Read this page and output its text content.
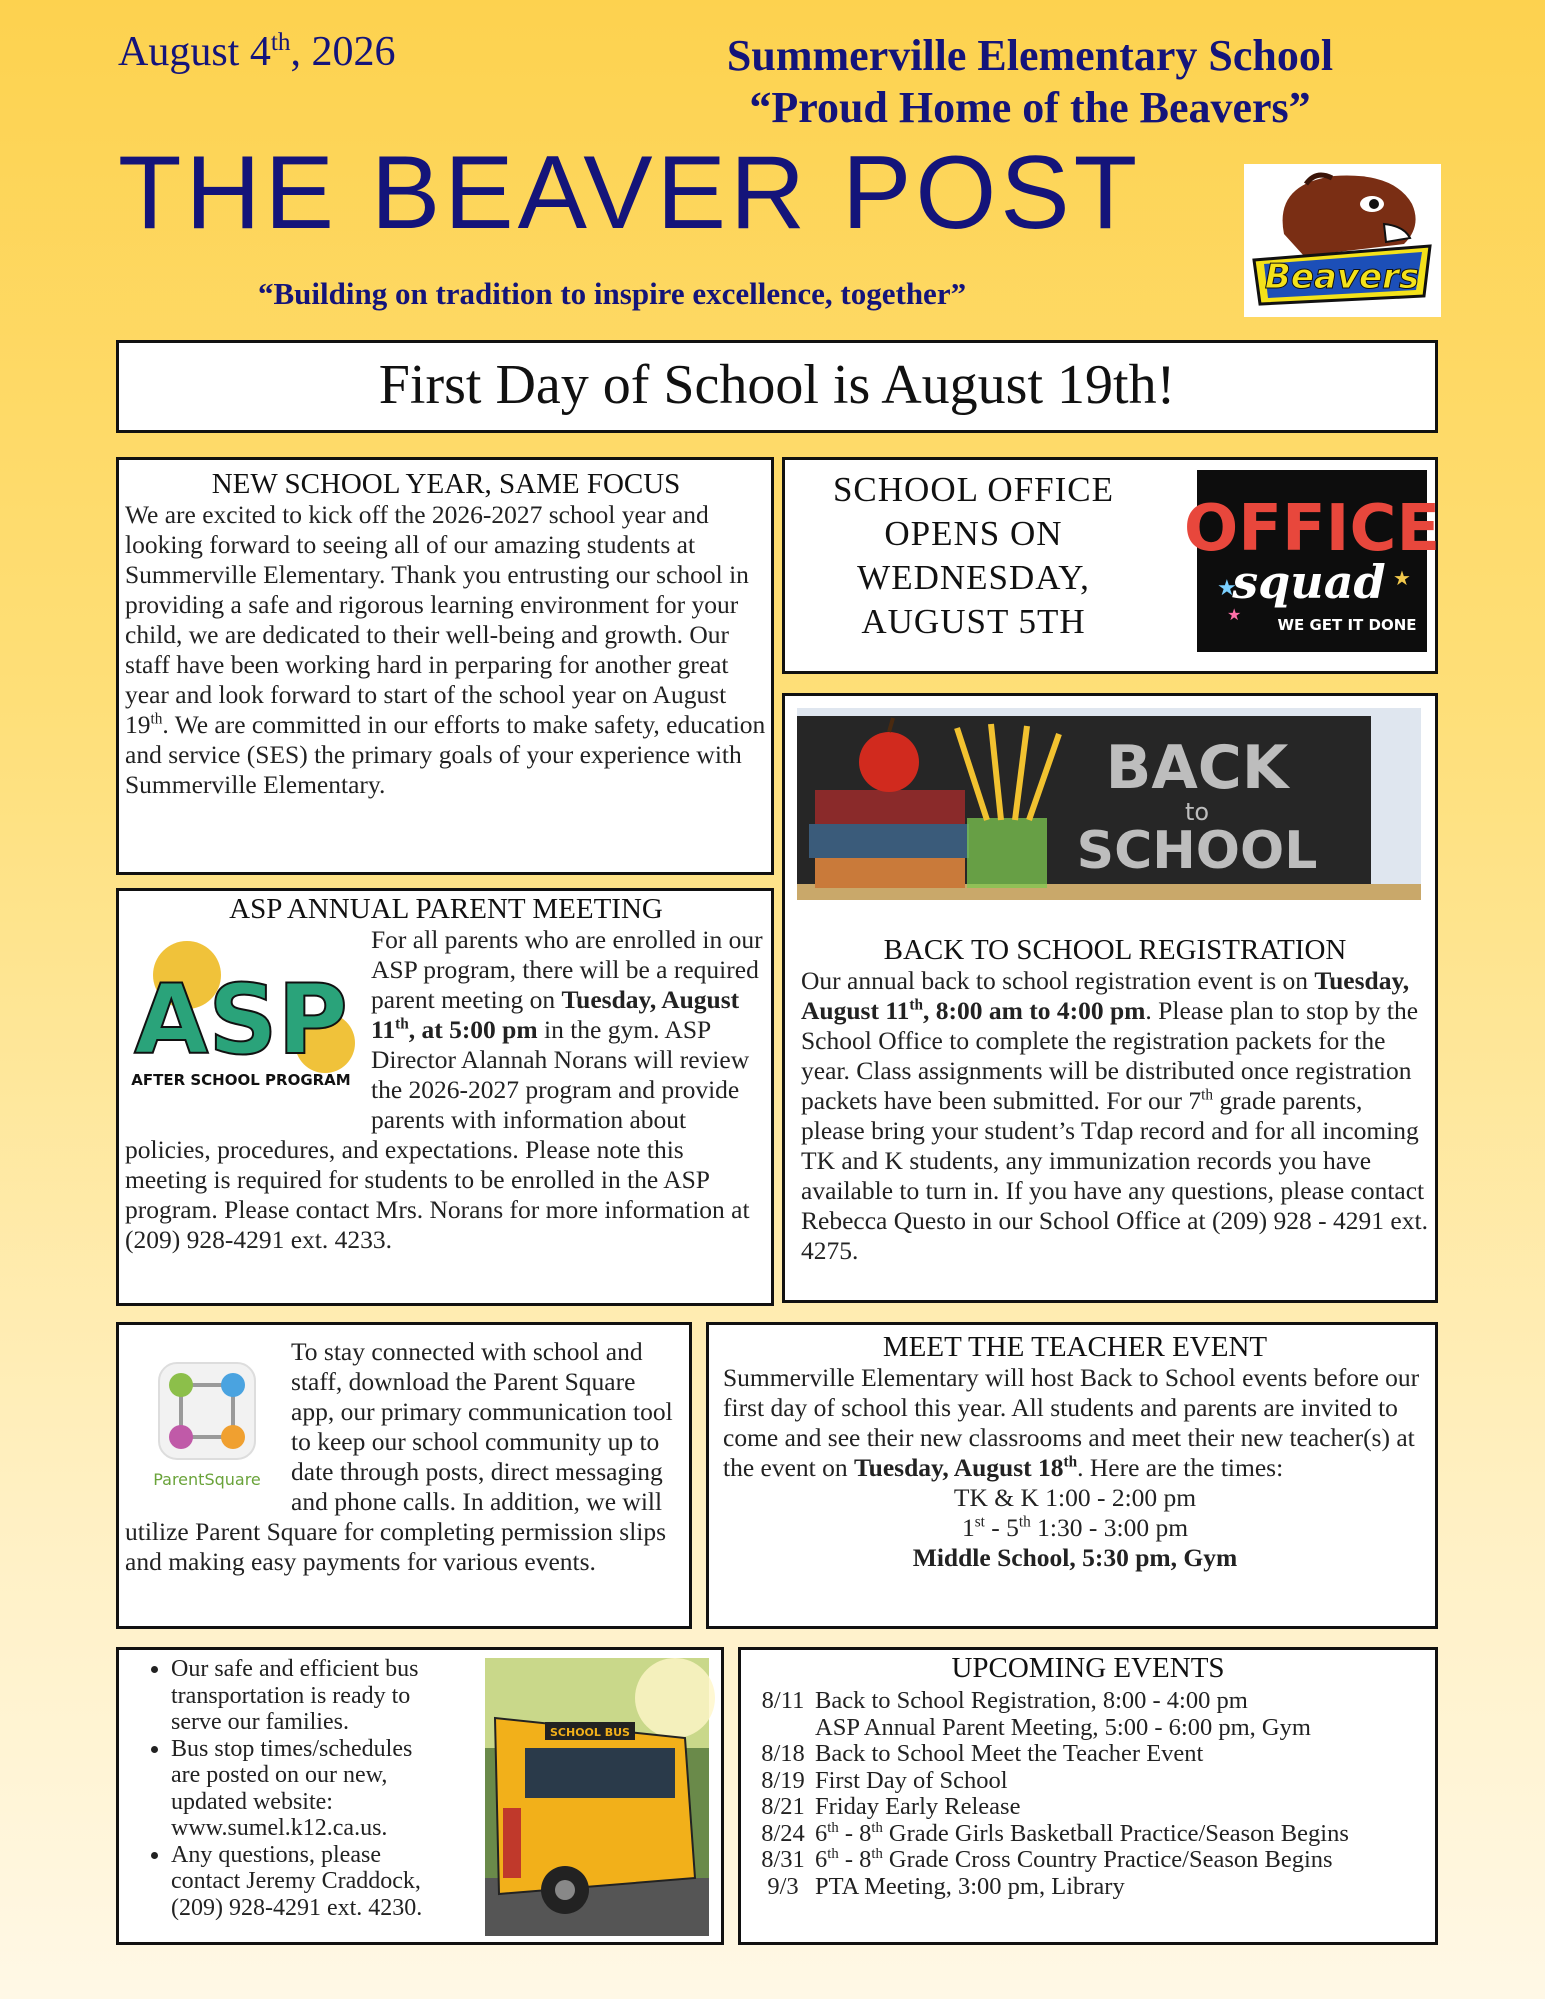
August 4th, 2026	Summerville Elementary School
“Proud Home of the Beavers”
THE BEAVER POST
“Building on tradition to inspire excellence, together”	Beavers
First Day of School is August 19th!
NEW SCHOOL YEAR, SAME FOCUS
We are excited to kick off the 2026-2027 school year and looking forward to seeing all of our amazing students at Summerville Elementary. Thank you entrusting our school in providing a safe and rigorous learning environment for your child, we are dedicated to their well-being and growth. Our staff have been working hard in perparing for another great year and look forward to start of the school year on August 19th. We are committed in our efforts to make safety, education and service (SES) the primary goals of your experience with Summerville Elementary.
SCHOOL OFFICE OPENS ON WEDNESDAY, AUGUST 5TH
OFFICE
squad
WE GET IT DONE
★	★
★
BACK
to
SCHOOL
BACK TO SCHOOL REGISTRATION
Our annual back to school registration event is on Tuesday, August 11th, 8:00 am to 4:00 pm. Please plan to stop by the School Office to complete the registration packets for the year. Class assignments will be distributed once registration packets have been submitted. For our 7th grade parents, please bring your student’s Tdap record and for all incoming TK and K students, any immunization records you have available to turn in. If you have any questions, please contact Rebecca Questo in our School Office at (209) 928 - 4291 ext. 4275.
ASP ANNUAL PARENT MEETING
ASP
AFTER SCHOOL PROGRAM
For all parents who are enrolled in our ASP program, there will be a required parent meeting on Tuesday, August 11th, at 5:00 pm in the gym. ASP Director Alannah Norans will review the 2026-2027 program and provide parents with information about policies, procedures, and expectations. Please note this meeting is required for students to be enrolled in the ASP program. Please contact Mrs. Norans for more information at (209) 928-4291 ext. 4233.
ParentSquare
To stay connected with school and staff, download the Parent Square app, our primary communication tool to keep our school community up to date through posts, direct messaging and phone calls. In addition, we will utilize Parent Square for completing permission slips and making easy payments for various events.
MEET THE TEACHER EVENT
Summerville Elementary will host Back to School events before our first day of school this year. All students and parents are invited to come and see their new classrooms and meet their new teacher(s) at the event on Tuesday, August 18th. Here are the times:
TK & K 1:00 - 2:00 pm
1st - 5th 1:30 - 3:00 pm
Middle School, 5:30 pm, Gym
• Our safe and efficient bus transportation is ready to serve our families.
• Bus stop times/schedules are posted on our new, updated website: www.sumel.k12.ca.us.
• Any questions, please contact Jeremy Craddock, (209) 928-4291 ext. 4230.
SCHOOL BUS
UPCOMING EVENTS
8/11 Back to School Registration, 8:00 - 4:00 pm
ASP Annual Parent Meeting, 5:00 - 6:00 pm, Gym
8/18 Back to School Meet the Teacher Event
8/19 First Day of School
8/21 Friday Early Release
8/24 6th - 8th Grade Girls Basketball Practice/Season Begins
8/31 6th - 8th Grade Cross Country Practice/Season Begins
9/3 PTA Meeting, 3:00 pm, Library
